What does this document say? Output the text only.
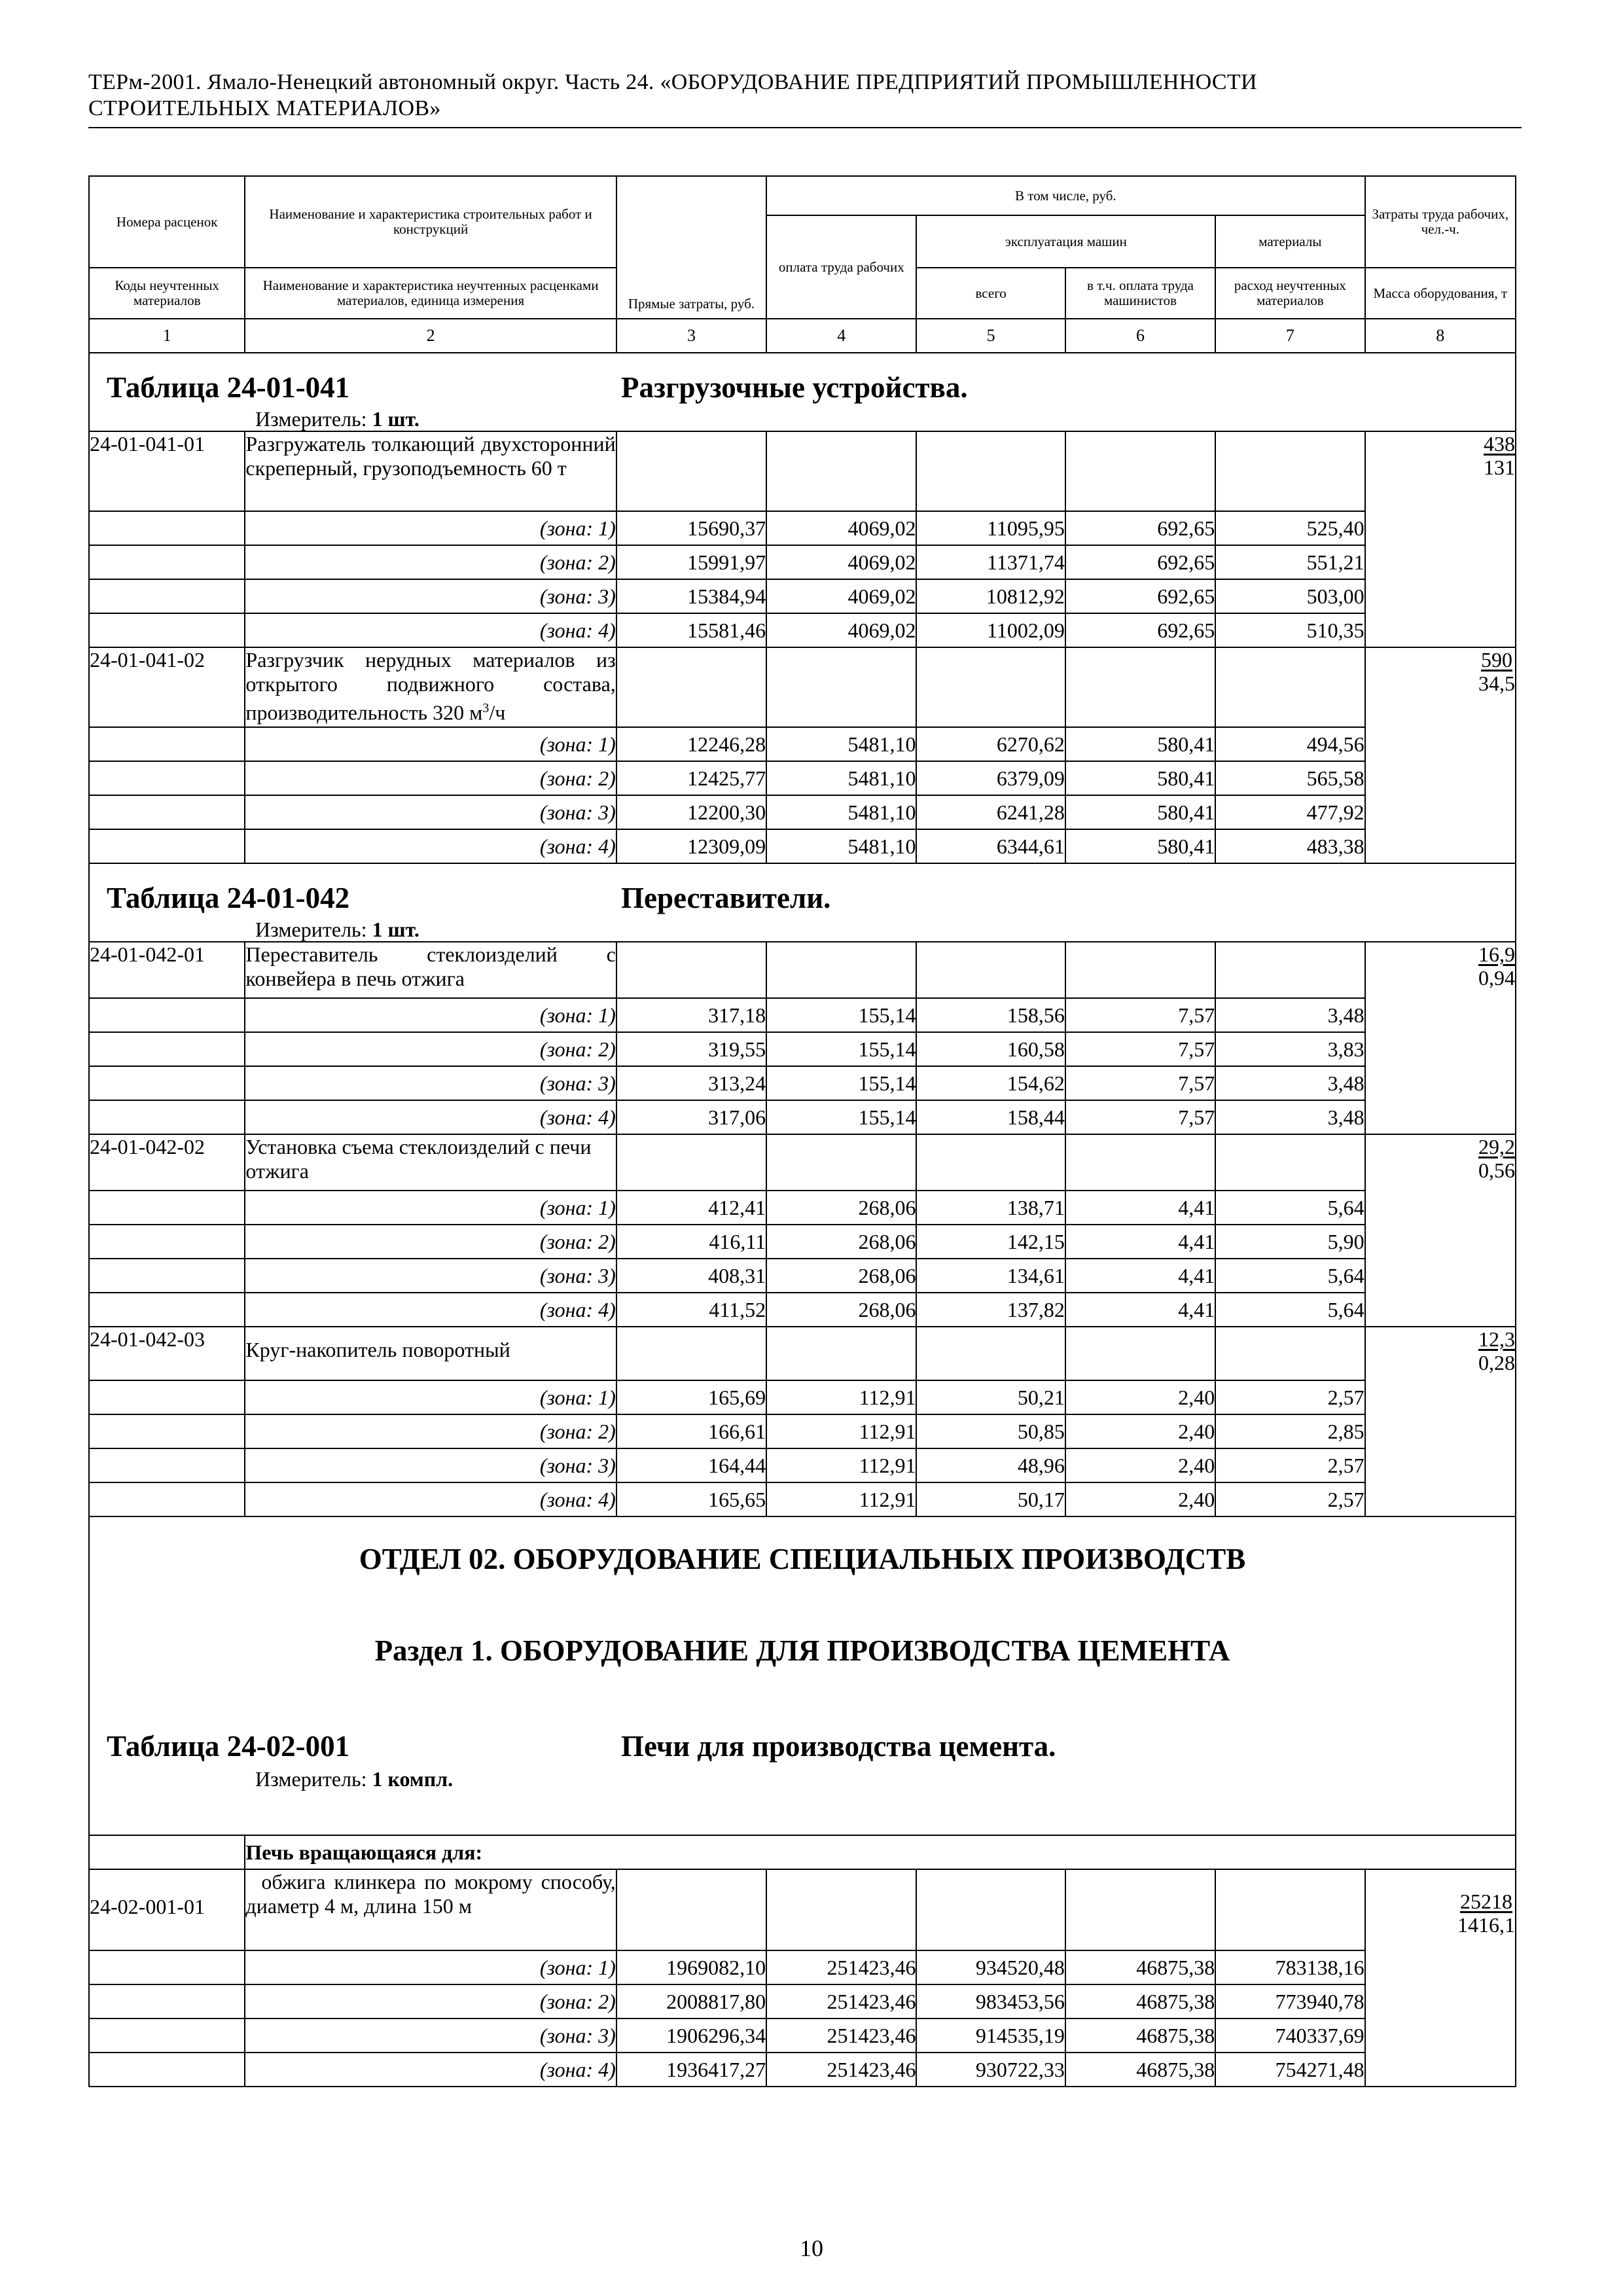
ТЕРм-2001. Ямало-Ненецкий автономный округ. Часть 24. «ОБОРУДОВАНИЕ ПРЕДПРИЯТИЙ ПРОМЫШЛЕННОСТИ
СТРОИТЕЛЬНЫХ МАТЕРИАЛОВ»
Номера расценок	Наименование и характеристика строительных работ и конструкций	Прямые затраты, руб.	В том числе, руб.				Затраты труда рабочих, чел.-ч.
			оплата труда рабочих	эксплуатация машин		материалы	
Коды неучтенных материалов	Наименование и характеристика неучтенных расценками материалов, единица измерения			всего	в т.ч. оплата труда машинистов	расход неучтенных материалов	Масса оборудования, т
1	2	3	4	5	6	7	8

Таблица 24-01-041 Разгрузочные устройства.
Измеритель: 1 шт.							

24-01-041-01	Разгружатель толкающий двухсторонний скреперный, грузоподъемность 60 т						$\frac{438}{131}$

	(зона: 1)	15690,37	4069,02	11095,95	692,65	525,40	
	(зона: 2)	15991,97	4069,02	11371,74	692,65	551,21	
	(зона: 3)	15384,94	4069,02	10812,92	692,65	503,00	
	(зона: 4)	15581,46	4069,02	11002,09	692,65	510,35	
24-01-041-02	Разгрузчик нерудных материалов из открытого подвижного состава, производительность 320 $м^3/ч$						$\frac{590}{34,5}$

	(зона: 1)	12246,28	5481,10	6270,62	580,41	494,56	
	(зона: 2)	12425,77	5481,10	6379,09	580,41	565,58	
	(зона: 3)	12200,30	5481,10	6241,28	580,41	477,92	
	(зона: 4)	12309,09	5481,10	6344,61	580,41	483,38	

Таблица 24-01-042 Переставители.
Измеритель: 1 шт.							

24-01-042-01	Переставитель стеклоизделий с конвейера в печь отжига						$\frac{16,9}{0,94}$

	(зона: 1)	317,18	155,14	158,56	7,57	3,48	
	(зона: 2)	319,55	155,14	160,58	7,57	3,83	
	(зона: 3)	313,24	155,14	154,62	7,57	3,48	
	(зона: 4)	317,06	155,14	158,44	7,57	3,48	
24-01-042-02	Установка съема стеклоизделий с печи отжига						$\frac{29,2}{0,56}$

	(зона: 1)	412,41	268,06	138,71	4,41	5,64	
	(зона: 2)	416,11	268,06	142,15	4,41	5,90	
	(зона: 3)	408,31	268,06	134,61	4,41	5,64	
	(зона: 4)	411,52	268,06	137,82	4,41	5,64	
24-01-042-03	Круг-накопитель поворотный						$\frac{12,3}{0,28}$

	(зона: 1)	165,69	112,91	50,21	2,40	2,57	
	(зона: 2)	166,61	112,91	50,85	2,40	2,85	
	(зона: 3)	164,44	112,91	48,96	2,40	2,57	
	(зона: 4)	165,65	112,91	50,17	2,40	2,57	

ОТДЕЛ 02. ОБОРУДОВАНИЕ СПЕЦИАЛЬНЫХ ПРОИЗВОДСТВ
Раздел 1. ОБОРУДОВАНИЕ ДЛЯ ПРОИЗВОДСТВА ЦЕМЕНТА
Таблица 24-02-001 Печи для производства цемента.
Измеритель: 1 компл.							

	Печь вращающаяся для:						
24-02-001-01	обжига клинкера по мокрому способу, диаметр 4 м, длина 150 м						$\frac{25218}{1416,1}$

	(зона: 1)	1969082,10	251423,46	934520,48	46875,38	783138,16	
	(зона: 2)	2008817,80	251423,46	983453,56	46875,38	773940,78	
	(зона: 3)	1906296,34	251423,46	914535,19	46875,38	740337,69	
	(зона: 4)	1936417,27	251423,46	930722,33	46875,38	754271,48	
10
